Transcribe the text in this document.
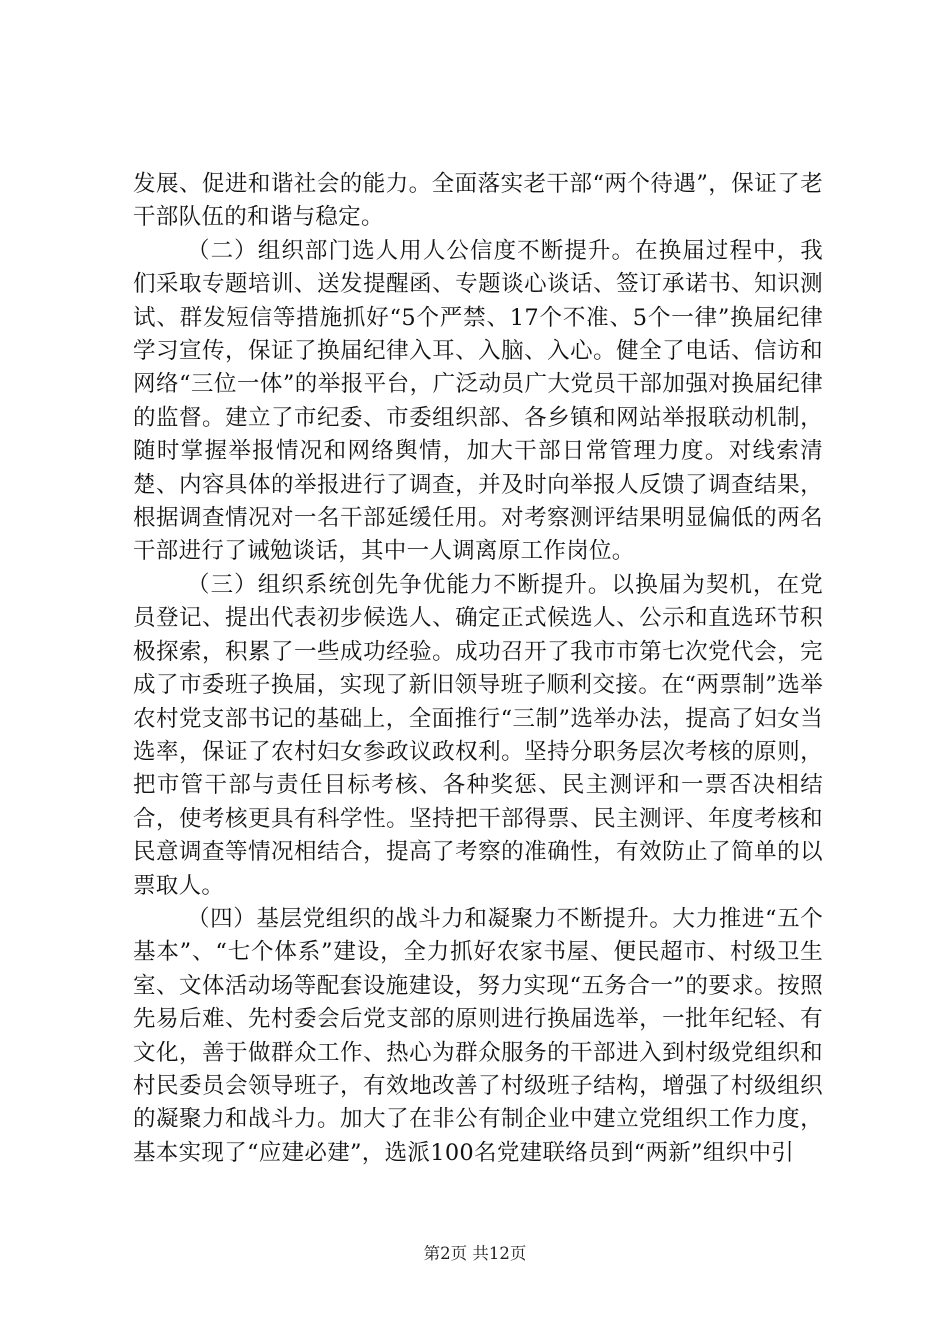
发展、促进和谐社会的能力。全面落实老干部“两个待遇”，保证了老干部队伍的和谐与稳定。

（二）组织部门选人用人公信度不断提升。在换届过程中，我们采取专题培训、送发提醒函、专题谈心谈话、签订承诺书、知识测试、群发短信等措施抓好“5个严禁、17个不准、5个一律”换届纪律学习宣传，保证了换届纪律入耳、入脑、入心。健全了电话、信访和网络“三位一体”的举报平台，广泛动员广大党员干部加强对换届纪律的监督。建立了市纪委、市委组织部、各乡镇和网站举报联动机制，随时掌握举报情况和网络舆情，加大干部日常管理力度。对线索清楚、内容具体的举报进行了调查，并及时向举报人反馈了调查结果，根据调查情况对一名干部延缓任用。对考察测评结果明显偏低的两名干部进行了诫勉谈话，其中一人调离原工作岗位。

（三）组织系统创先争优能力不断提升。以换届为契机，在党员登记、提出代表初步候选人、确定正式候选人、公示和直选环节积极探索，积累了一些成功经验。成功召开了我市市第七次党代会，完成了市委班子换届，实现了新旧领导班子顺利交接。在“两票制”选举农村党支部书记的基础上，全面推行“三制”选举办法，提高了妇女当选率，保证了农村妇女参政议政权利。坚持分职务层次考核的原则，把市管干部与责任目标考核、各种奖惩、民主测评和一票否决相结合，使考核更具有科学性。坚持把干部得票、民主测评、年度考核和民意调查等情况相结合，提高了考察的准确性，有效防止了简单的以票取人。

（四）基层党组织的战斗力和凝聚力不断提升。大力推进“五个基本”、“七个体系”建设，全力抓好农家书屋、便民超市、村级卫生室、文体活动场等配套设施建设，努力实现“五务合一”的要求。按照先易后难、先村委会后党支部的原则进行换届选举，一批年纪轻、有文化，善于做群众工作、热心为群众服务的干部进入到村级党组织和村民委员会领导班子，有效地改善了村级班子结构，增强了村级组织的凝聚力和战斗力。加大了在非公有制企业中建立党组织工作力度，基本实现了“应建必建”，选派100名党建联络员到“两新”组织中引

第2页 共12页
